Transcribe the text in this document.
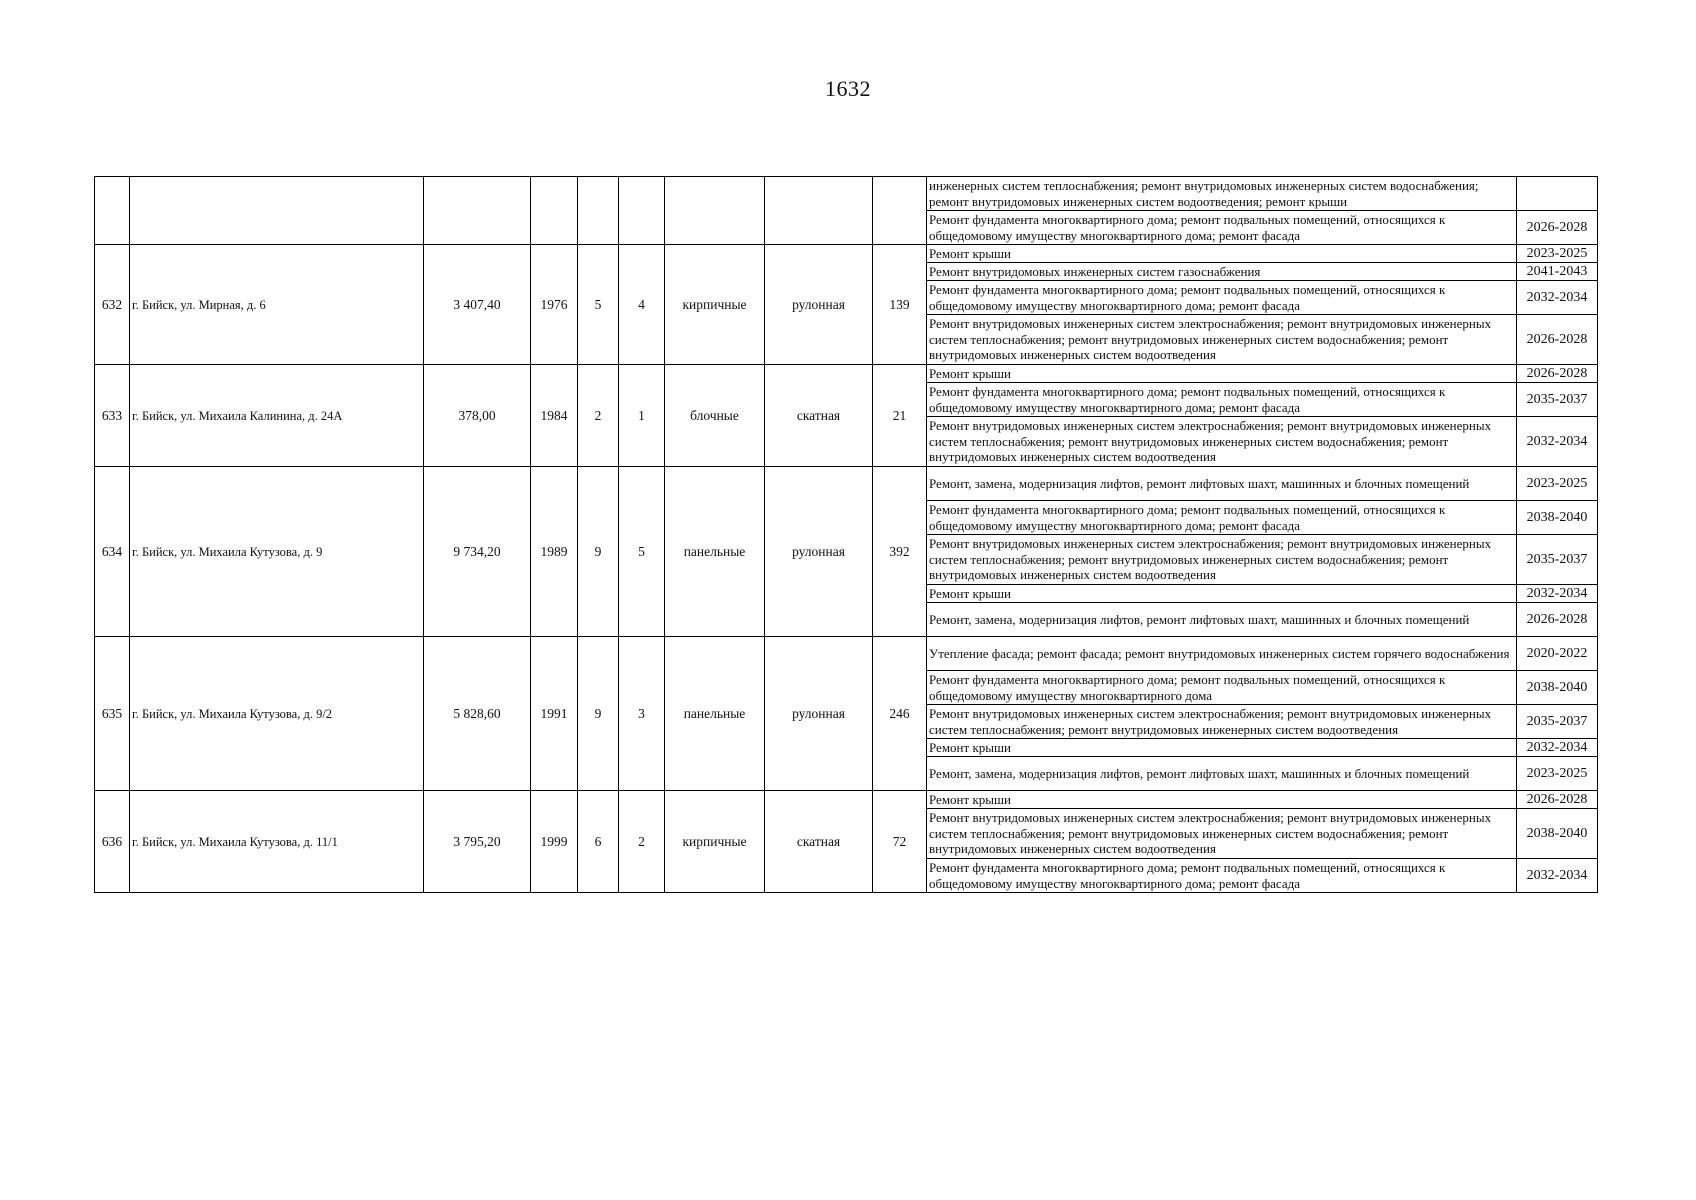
1632
									инженерных систем теплоснабжения; ремонт внутридомовых инженерных систем водоснабжения; ремонт внутридомовых инженерных систем водоотведения; ремонт крыши	
									Ремонт фундамента многоквартирного дома; ремонт подвальных помещений, относящихся к общедомовому имуществу многоквартирного дома; ремонт фасада	2026-2028
632	г. Бийск, ул. Мирная, д. 6	3 407,40	1976	5	4	кирпичные	рулонная	139	Ремонт крыши	2023-2025
									Ремонт внутридомовых инженерных систем газоснабжения	2041-2043
									Ремонт фундамента многоквартирного дома; ремонт подвальных помещений, относящихся к общедомовому имуществу многоквартирного дома; ремонт фасада	2032-2034
									Ремонт внутридомовых инженерных систем электроснабжения; ремонт внутридомовых инженерных систем теплоснабжения; ремонт внутридомовых инженерных систем водоснабжения; ремонт внутридомовых инженерных систем водоотведения	2026-2028
633	г. Бийск, ул. Михаила Калинина, д. 24А	378,00	1984	2	1	блочные	скатная	21	Ремонт крыши	2026-2028
									Ремонт фундамента многоквартирного дома; ремонт подвальных помещений, относящихся к общедомовому имуществу многоквартирного дома; ремонт фасада	2035-2037
									Ремонт внутридомовых инженерных систем электроснабжения; ремонт внутридомовых инженерных систем теплоснабжения; ремонт внутридомовых инженерных систем водоснабжения; ремонт внутридомовых инженерных систем водоотведения	2032-2034
634	г. Бийск, ул. Михаила Кутузова, д. 9	9 734,20	1989	9	5	панельные	рулонная	392	Ремонт, замена, модернизация лифтов, ремонт лифтовых шахт, машинных и блочных помещений	2023-2025
									Ремонт фундамента многоквартирного дома; ремонт подвальных помещений, относящихся к общедомовому имуществу многоквартирного дома; ремонт фасада	2038-2040
									Ремонт внутридомовых инженерных систем электроснабжения; ремонт внутридомовых инженерных систем теплоснабжения; ремонт внутридомовых инженерных систем водоснабжения; ремонт внутридомовых инженерных систем водоотведения	2035-2037
									Ремонт крыши	2032-2034
									Ремонт, замена, модернизация лифтов, ремонт лифтовых шахт, машинных и блочных помещений	2026-2028
635	г. Бийск, ул. Михаила Кутузова, д. 9/2	5 828,60	1991	9	3	панельные	рулонная	246	Утепление фасада; ремонт фасада; ремонт внутридомовых инженерных систем горячего водоснабжения	2020-2022
									Ремонт фундамента многоквартирного дома; ремонт подвальных помещений, относящихся к общедомовому имуществу многоквартирного дома	2038-2040
									Ремонт внутридомовых инженерных систем электроснабжения; ремонт внутридомовых инженерных систем теплоснабжения; ремонт внутридомовых инженерных систем водоотведения	2035-2037
									Ремонт крыши	2032-2034
									Ремонт, замена, модернизация лифтов, ремонт лифтовых шахт, машинных и блочных помещений	2023-2025
636	г. Бийск, ул. Михаила Кутузова, д. 11/1	3 795,20	1999	6	2	кирпичные	скатная	72	Ремонт крыши	2026-2028
									Ремонт внутридомовых инженерных систем электроснабжения; ремонт внутридомовых инженерных систем теплоснабжения; ремонт внутридомовых инженерных систем водоснабжения; ремонт внутридомовых инженерных систем водоотведения	2038-2040
									Ремонт фундамента многоквартирного дома; ремонт подвальных помещений, относящихся к общедомовому имуществу многоквартирного дома; ремонт фасада	2032-2034
